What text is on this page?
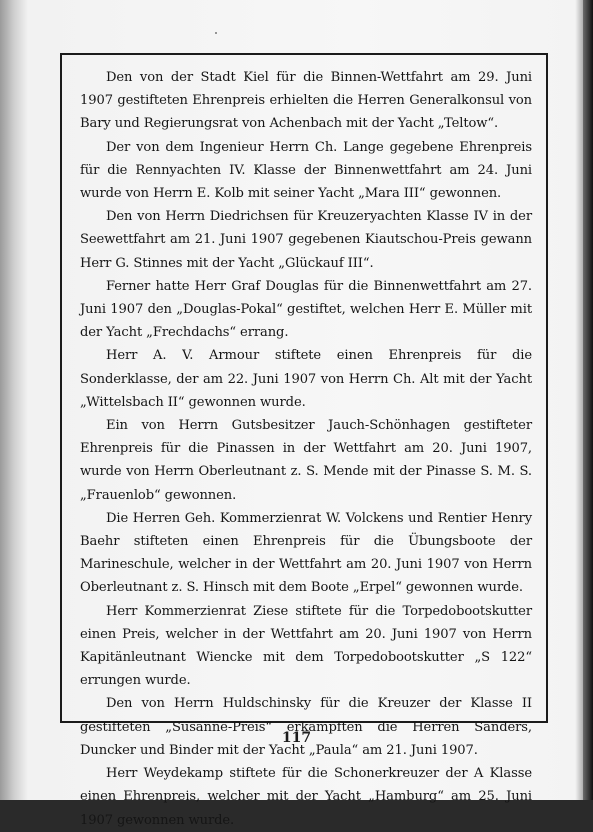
Den von der Stadt Kiel für die Binnen-Wettfahrt am 29. Juni 1907 gestifteten Ehrenpreis erhielten die Herren Generalkonsul von Bary und Regierungsrat von Achenbach mit der Yacht „Teltow“.

Der von dem Ingenieur Herrn Ch. Lange gegebene Ehrenpreis für die Rennyachten IV. Klasse der Binnenwettfahrt am 24. Juni wurde von Herrn E. Kolb mit seiner Yacht „Mara III“ gewonnen.

Den von Herrn Diedrichsen für Kreuzeryachten Klasse IV in der Seewettfahrt am 21. Juni 1907 gegebenen Kiautschou-Preis gewann Herr G. Stinnes mit der Yacht „Glückauf III“.

Ferner hatte Herr Graf Douglas für die Binnenwettfahrt am 27. Juni 1907 den „Douglas-Pokal“ gestiftet, welchen Herr E. Müller mit der Yacht „Frechdachs“ errang.

Herr A. V. Armour stiftete einen Ehrenpreis für die Sonderklasse, der am 22. Juni 1907 von Herrn Ch. Alt mit der Yacht „Wittelsbach II“ gewonnen wurde.

Ein von Herrn Gutsbesitzer Jauch-Schönhagen gestifteter Ehrenpreis für die Pinassen in der Wettfahrt am 20. Juni 1907, wurde von Herrn Oberleutnant z. S. Mende mit der Pinasse S. M. S. „Frauenlob“ gewonnen.

Die Herren Geh. Kommerzienrat W. Volckens und Rentier Henry Baehr stifteten einen Ehrenpreis für die Übungsboote der Marineschule, welcher in der Wettfahrt am 20. Juni 1907 von Herrn Oberleutnant z. S. Hinsch mit dem Boote „Erpel“ gewonnen wurde.

Herr Kommerzienrat Ziese stiftete für die Torpedobootskutter einen Preis, welcher in der Wettfahrt am 20. Juni 1907 von Herrn Kapitänleutnant Wiencke mit dem Torpedobootskutter „S 122“ errungen wurde.

Den von Herrn Huldschinsky für die Kreuzer der Klasse II gestifteten „Susanne-Preis“ erkämpften die Herren Sanders, Duncker und Binder mit der Yacht „Paula“ am 21. Juni 1907.

Herr Weydekamp stiftete für die Schonerkreuzer der A Klasse einen Ehrenpreis, welcher mit der Yacht „Hamburg“ am 25. Juni 1907 gewonnen wurde.

117
